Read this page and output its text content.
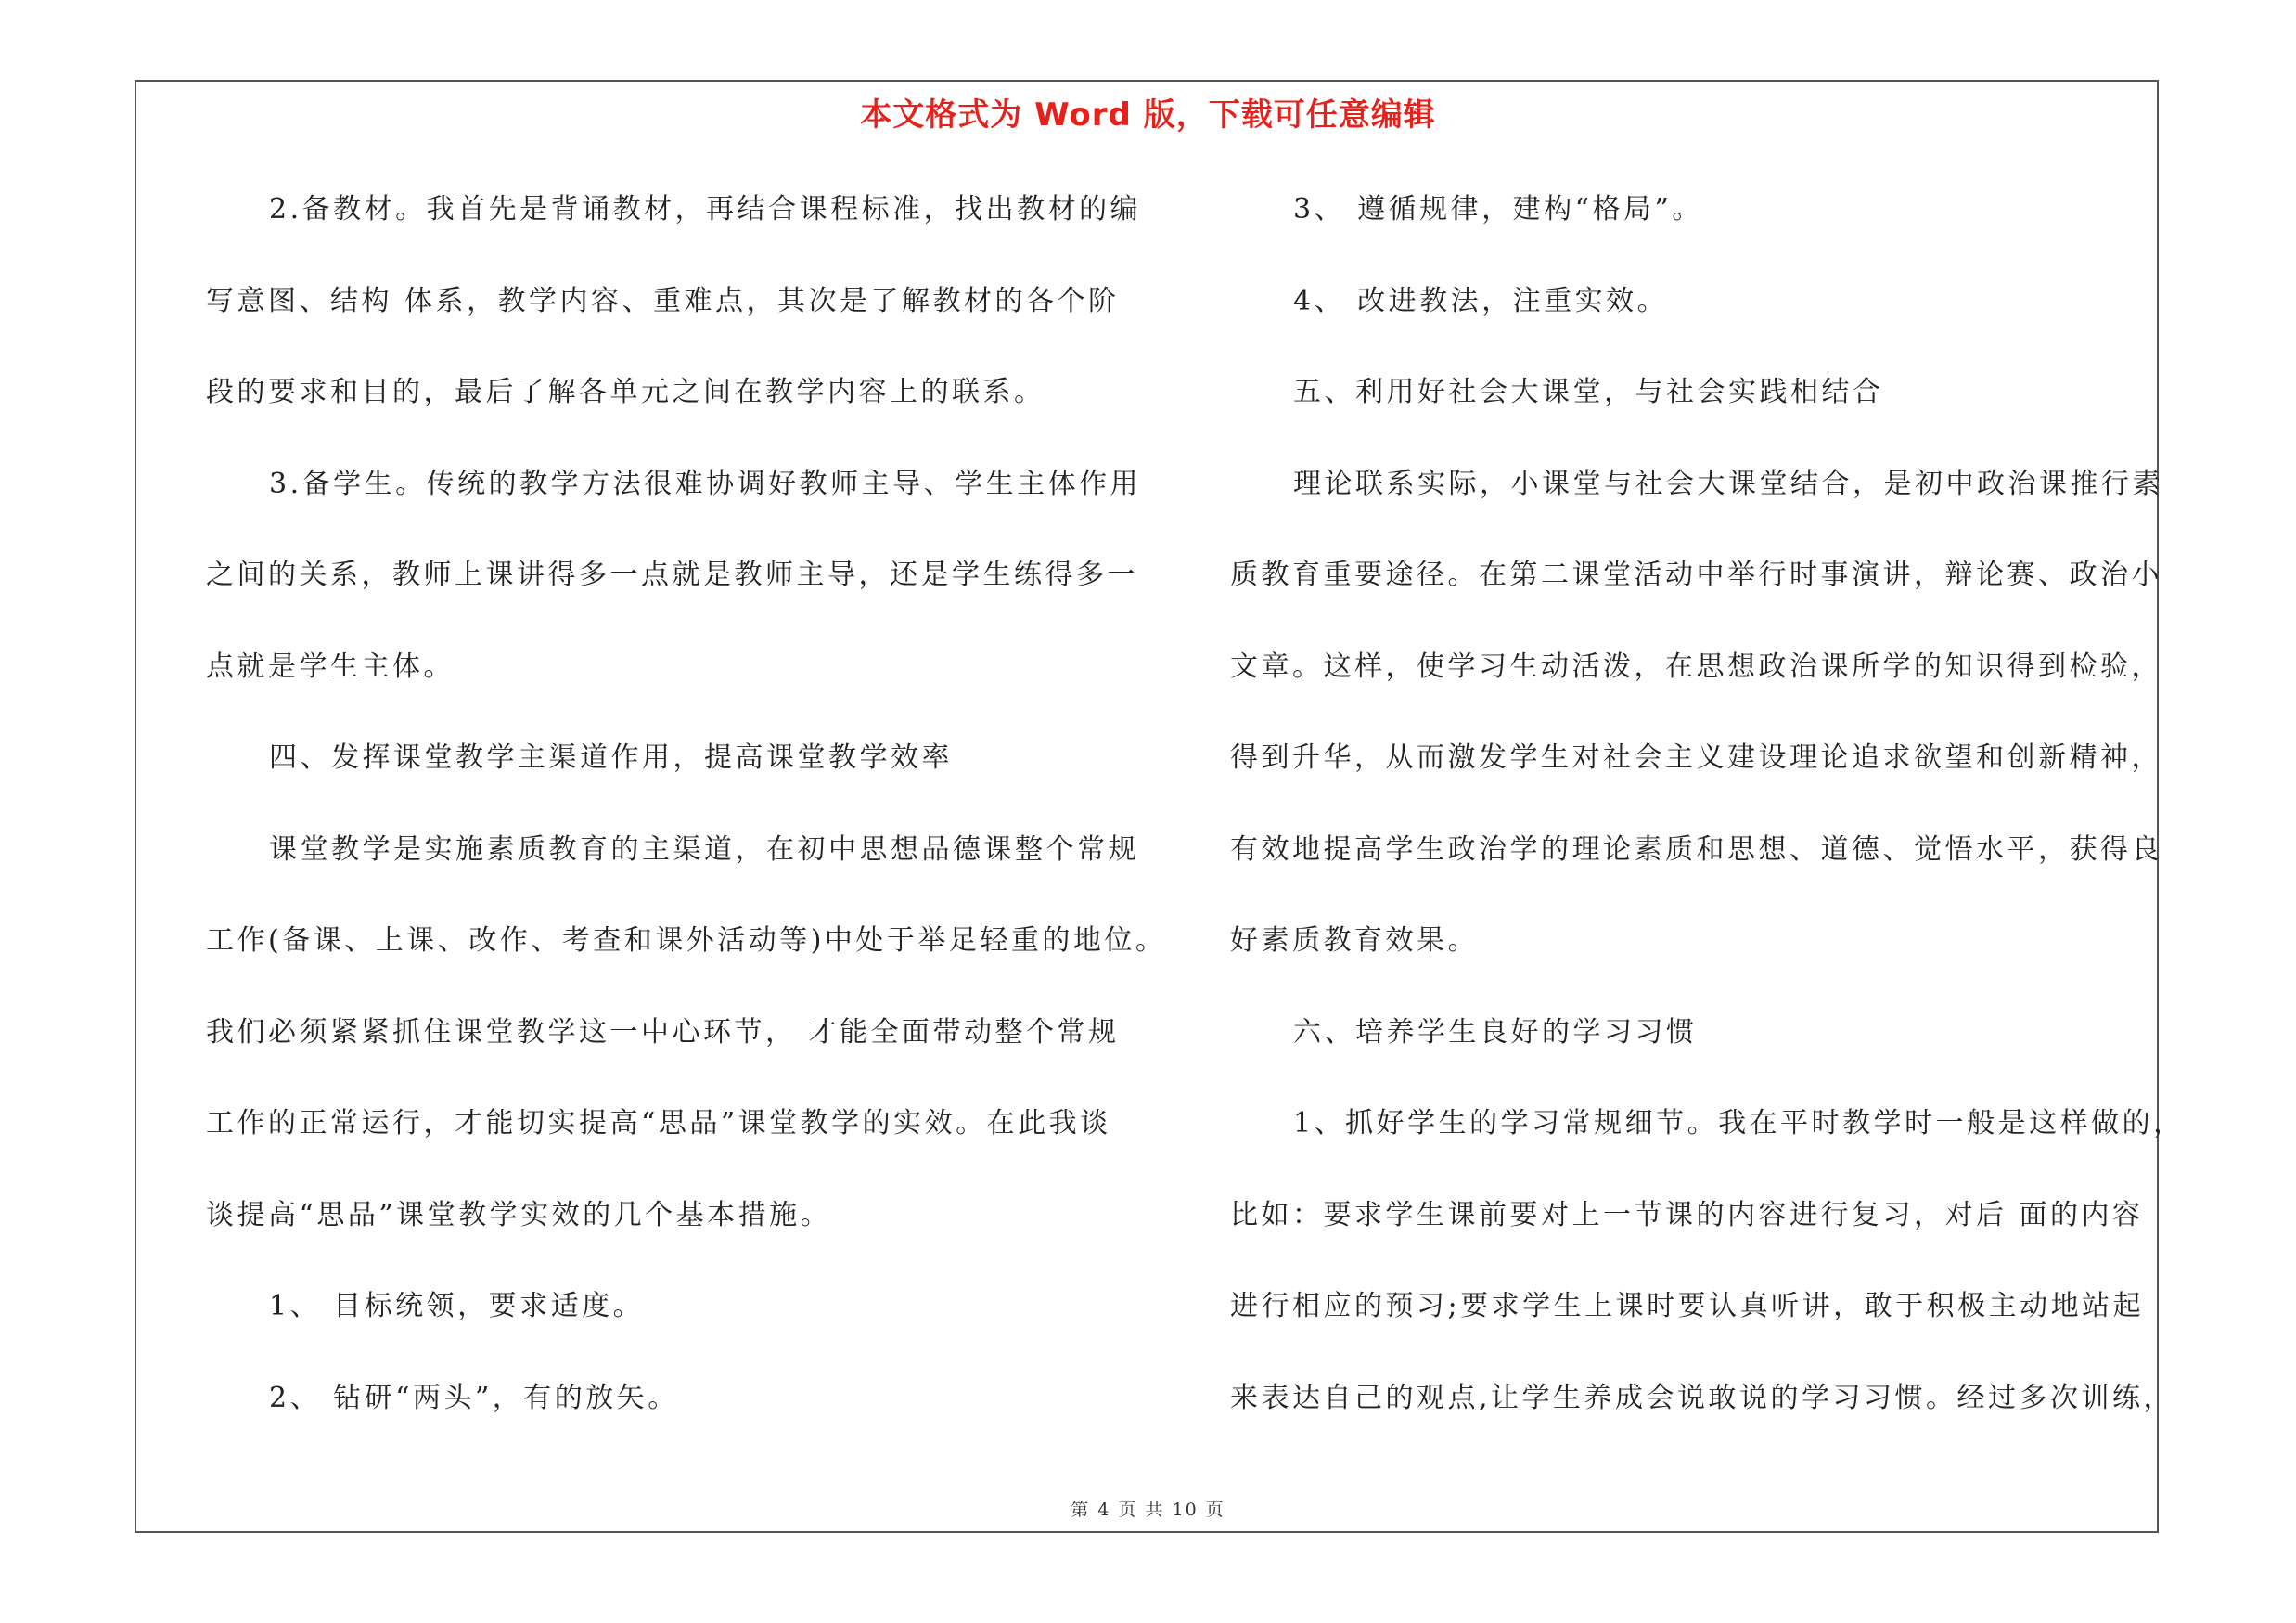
本文格式为 Word 版，下载可任意编辑
2.备教材。我首先是背诵教材，再结合课程标准，找出教材的编
写意图、结构 体系，教学内容、重难点，其次是了解教材的各个阶
段的要求和目的，最后了解各单元之间在教学内容上的联系。
3.备学生。传统的教学方法很难协调好教师主导、学生主体作用
之间的关系，教师上课讲得多一点就是教师主导，还是学生练得多一
点就是学生主体。
四、发挥课堂教学主渠道作用，提高课堂教学效率
课堂教学是实施素质教育的主渠道，在初中思想品德课整个常规
工作(备课、上课、改作、考查和课外活动等)中处于举足轻重的地位。
我们必须紧紧抓住课堂教学这一中心环节， 才能全面带动整个常规
工作的正常运行，才能切实提高“思品”课堂教学的实效。在此我谈
谈提高“思品”课堂教学实效的几个基本措施。
1、 目标统领，要求适度。
2、 钻研“两头”，有的放矢。
3、 遵循规律，建构“格局”。
4、 改进教法，注重实效。
五、利用好社会大课堂，与社会实践相结合
理论联系实际，小课堂与社会大课堂结合，是初中政治课推行素
质教育重要途径。在第二课堂活动中举行时事演讲，辩论赛、政治小
文章。这样，使学习生动活泼，在思想政治课所学的知识得到检验，
得到升华，从而激发学生对社会主义建设理论追求欲望和创新精神，
有效地提高学生政治学的理论素质和思想、道德、觉悟水平，获得良
好素质教育效果。
六、培养学生良好的学习习惯
1、抓好学生的学习常规细节。我在平时教学时一般是这样做的，
比如：要求学生课前要对上一节课的内容进行复习，对后 面的内容
进行相应的预习;要求学生上课时要认真听讲，敢于积极主动地站起
来表达自己的观点,让学生养成会说敢说的学习习惯。经过多次训练，
第 4 页 共 10 页
